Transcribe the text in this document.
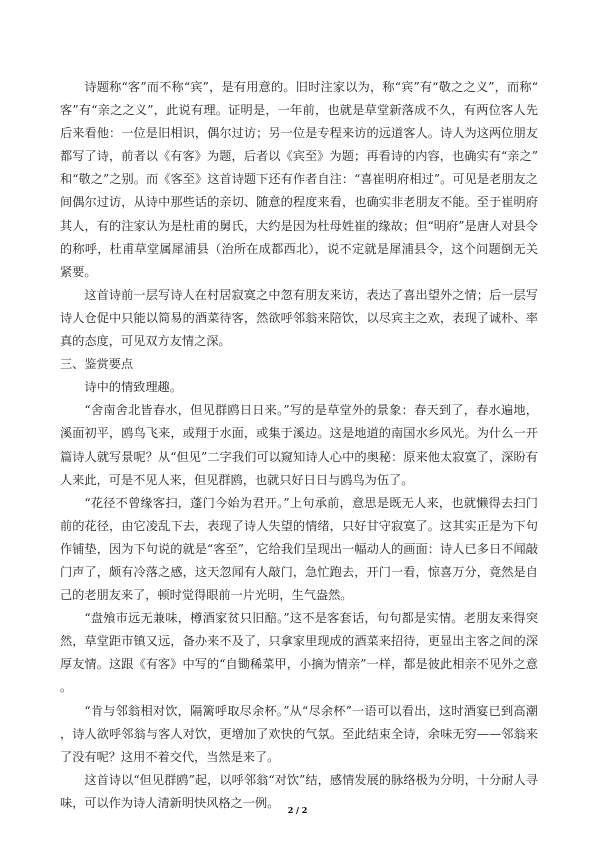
诗题称“客”而不称“宾”，是有用意的。旧时注家以为，称“宾”有“敬之之义”，而称“客”有“亲之之义”，此说有理。证明是，一年前，也就是草堂新落成不久，有两位客人先后来看他：一位是旧相识，偶尔过访；另一位是专程来访的远道客人。诗人为这两位朋友都写了诗，前者以《有客》为题，后者以《宾至》为题；再看诗的内容，也确实有“亲之”和“敬之”之别。而《客至》这首诗题下还有作者自注：“喜崔明府相过”。可见是老朋友之间偶尔过访，从诗中那些话的亲切、随意的程度来看，也确实非老朋友不能。至于崔明府其人，有的注家认为是杜甫的舅氏，大约是因为杜母姓崔的缘故；但“明府”是唐人对县令的称呼，杜甫草堂属犀浦县（治所在成都西北），说不定就是犀浦县令，这个问题倒无关紧要。

这首诗前一层写诗人在村居寂寞之中忽有朋友来访，表达了喜出望外之情；后一层写诗人仓促中只能以简易的酒菜待客，然欲呼邻翁来陪饮，以尽宾主之欢，表现了诚朴、率真的态度，可见双方友情之深。

三、鉴赏要点

诗中的情致理趣。

“舍南舍北皆春水，但见群鸥日日来。”写的是草堂外的景象：春天到了，春水遍地，溪面初平，鸥鸟飞来，或翔于水面，或集于溪边。这是地道的南国水乡风光。为什么一开篇诗人就写景呢？从“但见”二字我们可以窥知诗人心中的奥秘：原来他太寂寞了，深盼有人来此，可是不见人来，但见群鸥，也就只好日日与鸥鸟为伍了。

“花径不曾缘客扫，蓬门今始为君开。”上句承前，意思是既无人来，也就懒得去扫门前的花径，由它凌乱下去，表现了诗人失望的情绪，只好甘守寂寞了。这其实正是为下句作铺垫，因为下句说的就是“客至”，它给我们呈现出一幅动人的画面：诗人已多日不闻敲门声了，颇有冷落之感，这天忽闻有人敲门，急忙跑去，开门一看，惊喜万分，竟然是自己的老朋友来了，顿时觉得眼前一片光明，生气盎然。

“盘飧市远无兼味，樽酒家贫只旧醅。”这不是客套话，句句都是实情。老朋友来得突然，草堂距市镇又远，备办来不及了，只拿家里现成的酒菜来招待，更显出主客之间的深厚友情。这跟《有客》中写的“自锄稀菜甲，小摘为情亲”一样，都是彼此相亲不见外之意。

“肯与邻翁相对饮，隔篱呼取尽余杯。”从“尽余杯”一语可以看出，这时酒宴已到高潮，诗人欲呼邻翁与客人对饮，更增加了欢快的气氛。至此结束全诗，余味无穷——邻翁来了没有呢？这用不着交代，当然是来了。

这首诗以“但见群鸥”起，以呼邻翁“对饮”结，感情发展的脉络极为分明，十分耐人寻味，可以作为诗人清新明快风格之一例。

2 / 2
